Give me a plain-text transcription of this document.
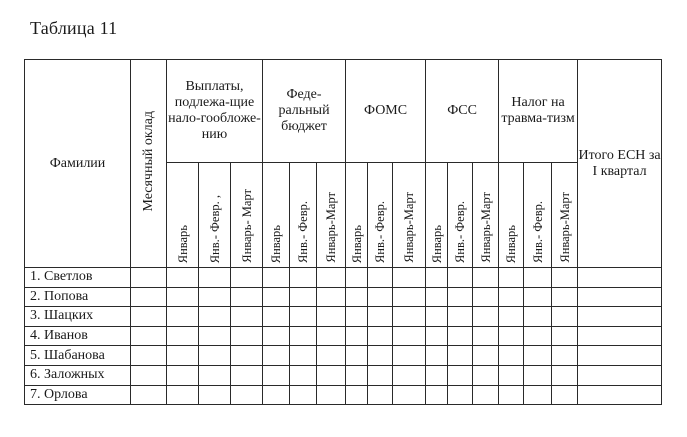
Таблица 11
Фамилии	Месячный оклад	Выплаты, подлежа-щие нало-гообложе-нию			Феде-ральный бюджет			ФОМС			ФСС			Налог на травма-тизм			Итого ЕСН за I квартал
		Январь	Янв.- Февр. ,	Январь- Март	Январь	Янв.- Февр.	Январь-Март	Январь	Янв.- Февр.	Январь-Март	Январь	Янв.- Февр.	Январь-Март	Январь	Янв.- Февр.	Январь-Март	
1. Светлов																	
2. Попова																	
3. Шацких																	
4. Иванов																	
5. Шабанова																	
6. Заложных																	
7. Орлова																	
